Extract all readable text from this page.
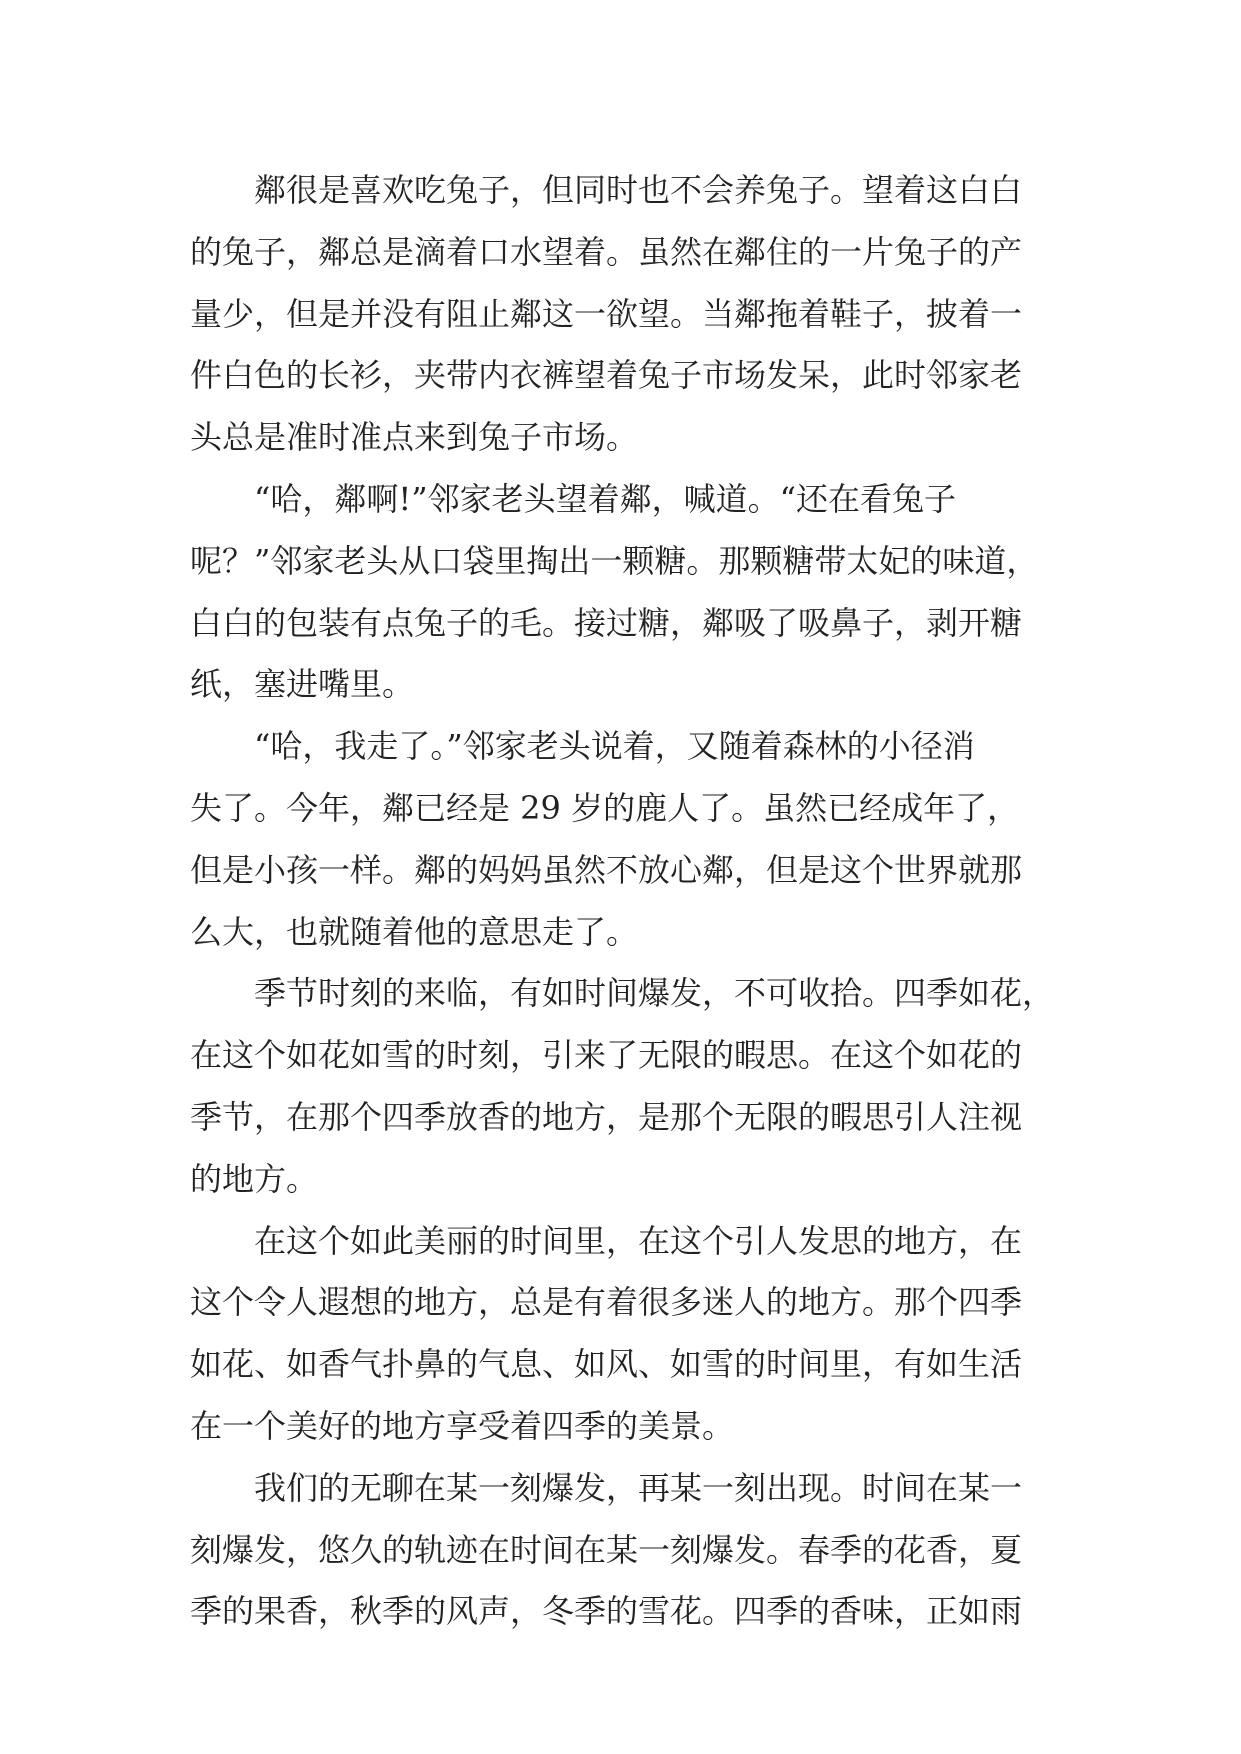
鄰很是喜欢吃兔子，但同时也不会养兔子。望着这白白
的兔子，鄰总是滴着口水望着。虽然在鄰住的一片兔子的产
量少，但是并没有阻止鄰这一欲望。当鄰拖着鞋子，披着一
件白色的长衫，夹带内衣裤望着兔子市场发呆，此时邻家老
头总是准时准点来到兔子市场。

“哈，鄰啊!”邻家老头望着鄰，喊道。“还在看兔子
呢？”邻家老头从口袋里掏出一颗糖。那颗糖带太妃的味道，
白白的包装有点兔子的毛。接过糖，鄰吸了吸鼻子，剥开糖
纸，塞进嘴里。

“哈，我走了。”邻家老头说着，又随着森林的小径消
失了。今年，鄰已经是 29 岁的鹿人了。虽然已经成年了，
但是小孩一样。鄰的妈妈虽然不放心鄰，但是这个世界就那
么大，也就随着他的意思走了。

季节时刻的来临，有如时间爆发，不可收拾。四季如花，
在这个如花如雪的时刻，引来了无限的暇思。在这个如花的
季节，在那个四季放香的地方，是那个无限的暇思引人注视
的地方。

在这个如此美丽的时间里，在这个引人发思的地方，在
这个令人遐想的地方，总是有着很多迷人的地方。那个四季
如花、如香气扑鼻的气息、如风、如雪的时间里，有如生活
在一个美好的地方享受着四季的美景。

我们的无聊在某一刻爆发，再某一刻出现。时间在某一
刻爆发，悠久的轨迹在时间在某一刻爆发。春季的花香，夏
季的果香，秋季的风声，冬季的雪花。四季的香味，正如雨
